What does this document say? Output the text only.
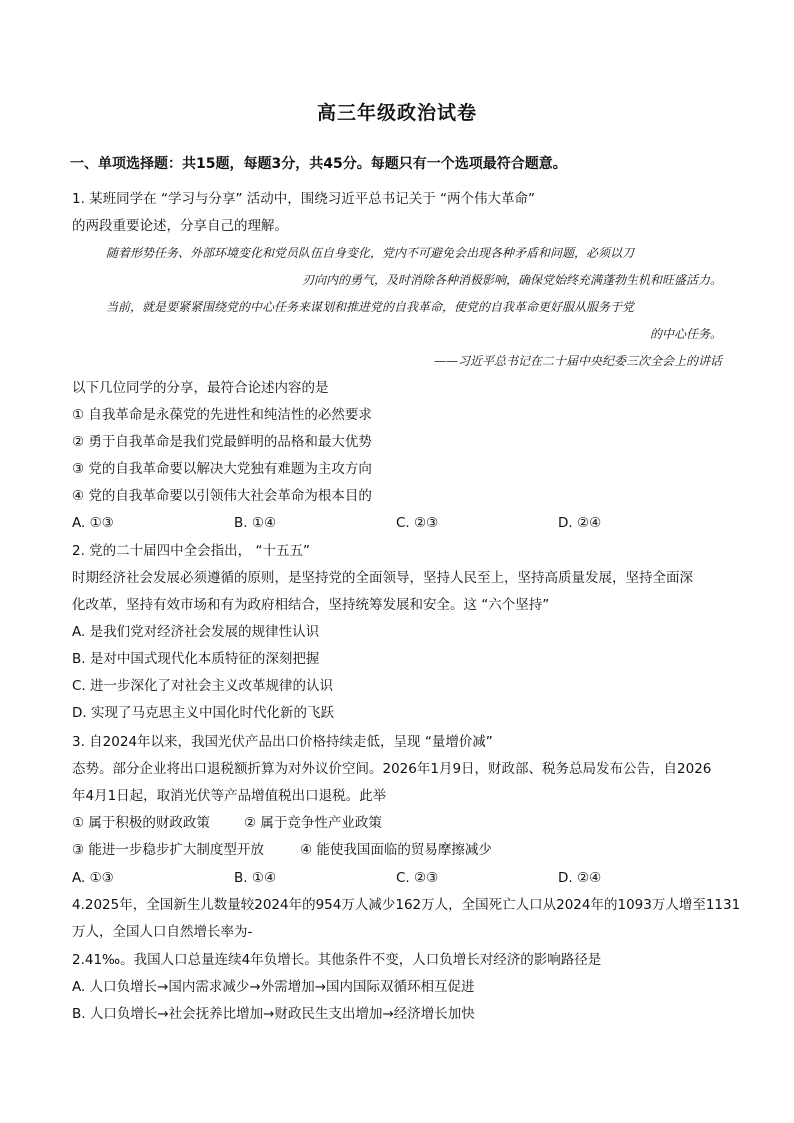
高三年级政治试卷
一、单项选择题：共15题，每题3分，共45分。每题只有一个选项最符合题意。
1. 某班同学在 “学习与分享” 活动中，围绕习近平总书记关于 “两个伟大革命”
的两段重要论述，分享自己的理解。
随着形势任务、外部环境变化和党员队伍自身变化，党内不可避免会出现各种矛盾和问题，必须以刀
刃向内的勇气，及时消除各种消极影响，确保党始终充满蓬勃生机和旺盛活力。
当前，就是要紧紧围绕党的中心任务来谋划和推进党的自我革命，使党的自我革命更好服从服务于党
的中心任务。
——习近平总书记在二十届中央纪委三次全会上的讲话
以下几位同学的分享，最符合论述内容的是
① 自我革命是永葆党的先进性和纯洁性的必然要求
② 勇于自我革命是我们党最鲜明的品格和最大优势
③ 党的自我革命要以解决大党独有难题为主攻方向
④ 党的自我革命要以引领伟大社会革命为根本目的
A. ①③	B. ①④	C. ②③	D. ②④
2. 党的二十届四中全会指出， “十五五”
时期经济社会发展必须遵循的原则，是坚持党的全面领导，坚持人民至上，坚持高质量发展，坚持全面深
化改革，坚持有效市场和有为政府相结合，坚持统筹发展和安全。这 “六个坚持”
A. 是我们党对经济社会发展的规律性认识
B. 是对中国式现代化本质特征的深刻把握
C. 进一步深化了对社会主义改革规律的认识
D. 实现了马克思主义中国化时代化新的飞跃
3. 自2024年以来，我国光伏产品出口价格持续走低，呈现 “量增价减”
态势。部分企业将出口退税额折算为对外议价空间。2026年1月9日，财政部、税务总局发布公告，自2026
年4月1日起，取消光伏等产品增值税出口退税。此举
① 属于积极的财政政策	② 属于竞争性产业政策
③ 能进一步稳步扩大制度型开放	④ 能使我国面临的贸易摩擦减少
A. ①③	B. ①④	C. ②③	D. ②④
4.2025年，全国新生儿数量较2024年的954万人减少162万人，全国死亡人口从2024年的1093万人增至1131
万人，全国人口自然增长率为-
2.41‰。我国人口总量连续4年负增长。其他条件不变，人口负增长对经济的影响路径是
A. 人口负增长→国内需求减少→外需增加→国内国际双循环相互促进
B. 人口负增长→社会抚养比增加→财政民生支出增加→经济增长加快
